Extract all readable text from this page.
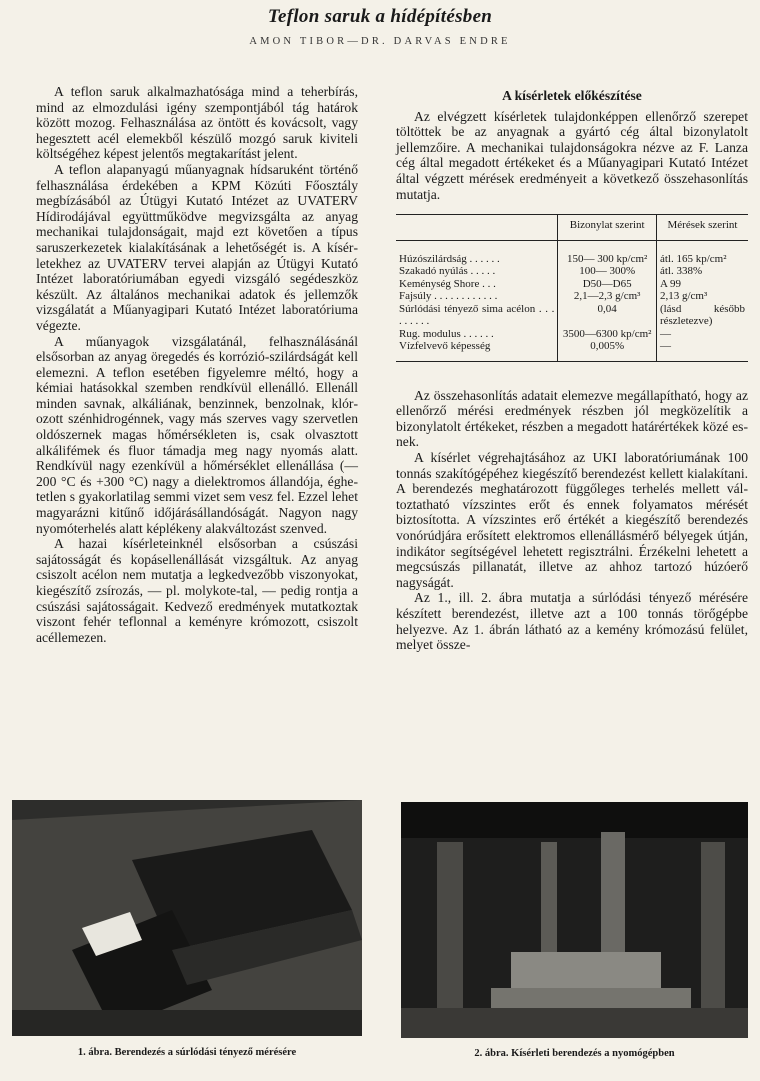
Teflon saruk a hídépítésben
AMON TIBOR—DR. DARVAS ENDRE

A teflon saruk alkalmazhatósága mind a teherbírás, mind az elmozdulási igény szempontjából tág határok között mozog. Felhasználása az öntött és kovácsolt, vagy hegesztett acél elemekből készülő mozgó saruk kiviteli költségéhez képest jelentős megtakarítást jelent.

A teflon alapanyagú műanyagnak hídsaruként történő felhasználása érdekében a KPM Közúti Főosztály megbízásából az Útügyi Kutató Intézet az UVATERV Hídirodájával együttműködve megvizsgálta az anyag mechanikai tulajdonságait, majd ezt követően a típus saruszerkezetek kialakításának a lehetőségét is. A kísérletekhez az UVATERV tervei alapján az Útügyi Kutató Intézet laboratóriumában egyedi vizsgáló segédeszköz készült. Az általános mechanikai adatok és jellemzők vizsgálatát a Műanyagipari Kutató Intézet laboratóriuma végezte.

A műanyagok vizsgálatánál, felhasználásánál elsősorban az anyag öregedés és korrózió-szilárdságát kell elemezni. A teflon esetében figyelemre méltó, hogy a kémiai hatásokkal szemben rendkívül ellenálló. Ellenáll minden savnak, alkáliának, benzinnek, benzolnak, klórozott szénhidrogénnek, vagy más szerves vagy szervetlen oldószernek magas hőmérsékleten is, csak olvasztott alkálifémek és fluor támadja meg nagy nyomás alatt. Rendkívül nagy ezenkívül a hőmérséklet ellenállása (—200 °C és +300 °C) nagy a dielektromos állandója, éghetetlen s gyakorlatilag semmi vizet sem vesz fel. Ezzel lehet magyarázni kitűnő időjárásállandóságát. Nagyon nagy nyomóterhelés alatt képlékeny alakváltozást szenved.

A hazai kísérleteinknél elsősorban a csúszási sajátosságát és kopásellenállását vizsgáltuk. Az anyag csiszolt acélon nem mutatja a legkedvezőbb viszonyokat, kiegészítő zsírozás, — pl. molykote-tal, — pedig rontja a csúszási sajátosságait. Kedvező eredmények mutatkoztak viszont fehér teflonnal a keményre krómozott, csiszolt acéllemezen.

A kísérletek előkészítése

Az elvégzett kísérletek tulajdonképpen ellenőrző szerepet töltöttek be az anyagnak a gyártó cég által bizonylatolt jellemzőire. A mechanikai tulajdonságokra nézve az F. Lanza cég által megadott értékeket és a Műanyagipari Kutató Intézet által végzett mérések eredményeit a következő összehasonlítás mutatja.

	Bizonylat szerint	Mérések szerint
Húzószilárdság . . . . . .	150— 300 kp/cm²	átl. 165 kp/cm²
Szakadó nyúlás . . . . .	100— 300%	átl. 338%
Keménység Shore . . .	D50—D65	A 99
Fajsúly . . . . . . . . . . . .	2,1—2,3 g/cm³	2,13 g/cm³
Súrlódási tényező sima acélon . . . . . . . . .	0,04	(lásd később részletezve)
Rug. modulus . . . . . .	3500—6300 kp/cm²	—
Vízfelvevő képesség	0,005%	—

Az összehasonlítás adatait elemezve megállapítható, hogy az ellenőrző mérési eredmények részben jól megközelítik a bizonylatolt értékeket, részben a megadott határértékek közé esnek.

A kísérlet végrehajtásához az UKI laboratóriumának 100 tonnás szakítógépéhez kiegészítő berendezést kellett kialakítani. A berendezés meghatározott függőleges terhelés mellett változtatható vízszintes erőt és ennek folyamatos mérését biztosította. A vízszintes erő értékét a kiegészítő berendezés vonórúdjára erősített elektromos ellenállásmérő bélyegek útján, indikátor segítségével lehetett regisztrálni. Érzékelni lehetett a megcsúszás pillanatát, illetve az ahhoz tartozó húzóerő nagyságát.

Az 1., ill. 2. ábra mutatja a súrlódási tényező mérésére készített berendezést, illetve azt a 100 tonnás törőgépbe helyezve. Az 1. ábrán látható az a kemény krómozású felület, melyet össze-

1. ábra. Berendezés a súrlódási tényező mérésére	2. ábra. Kísérleti berendezés a nyomógépben
